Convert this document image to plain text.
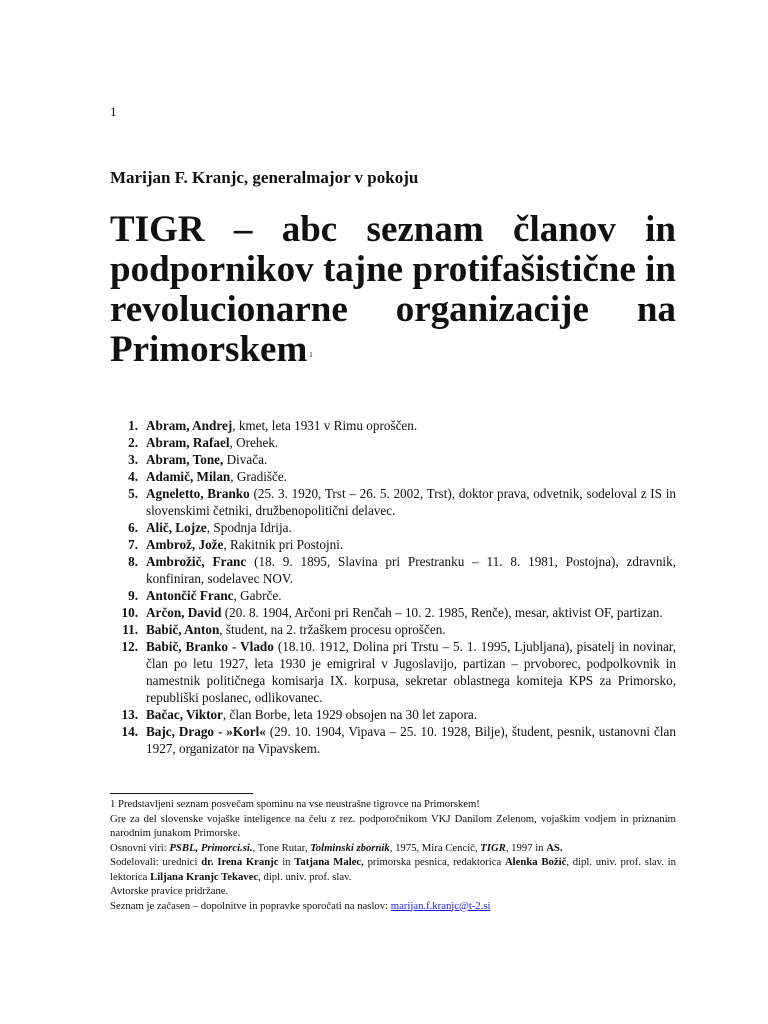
1
Marijan F. Kranjc, generalmajor v pokoju
TIGR – abc seznam članov in podpornikov tajne protifašistične in revolucionarne organizacije na Primorskem $^1$
1. Abram, Andrej, kmet, leta 1931 v Rimu oproščen.
2. Abram, Rafael, Orehek.
3. Abram, Tone, Divača.
4. Adamič, Milan, Gradišče.
5. Agneletto, Branko (25. 3. 1920, Trst – 26. 5. 2002, Trst), doktor prava, odvetnik, sodeloval z IS in slovenskimi četniki, družbenopolitični delavec.
6. Alič, Lojze, Spodnja Idrija.
7. Ambrož, Jože, Rakitnik pri Postojni.
8. Ambrožič, Franc (18. 9. 1895, Slavina pri Prestranku – 11. 8. 1981, Postojna), zdravnik, konfiniran, sodelavec NOV.
9. Antončič Franc, Gabrče.
10. Arčon, David (20. 8. 1904, Arčoni pri Renčah – 10. 2. 1985, Renče), mesar, aktivist OF, partizan.
11. Babič, Anton, študent, na 2. tržaškem procesu oproščen.
12. Babič, Branko - Vlado (18.10. 1912, Dolina pri Trstu – 5. 1. 1995, Ljubljana), pisatelj in novinar, član po letu 1927, leta 1930 je emigriral v Jugoslavijo, partizan – prvoborec, podpolkovnik in namestnik političnega komisarja IX. korpusa, sekretar oblastnega komiteja KPS za Primorsko, republiški poslanec, odlikovanec.
13. Bačac, Viktor, član Borbe, leta 1929 obsojen na 30 let zapora.
14. Bajc, Drago - »Korl« (29. 10. 1904, Vipava – 25. 10. 1928, Bilje), študent, pesnik, ustanovni član 1927, organizator na Vipavskem.

1 Predstavljeni seznam posvečam spominu na vse neustrašne tigrovce na Primorskem!

Gre za del slovenske vojaške inteligence na čelu z rez. podporočnikom VKJ Danilom Zelenom, vojaškim vodjem in priznanim narodnim junakom Primorske.

Osnovni viri: PSBL, Primorci.si., Tone Rutar, Tolminski zbornik, 1975, Mira Cencič, TIGR, 1997 in AS.

Sodelovali: urednici dr. Irena Kranjc in Tatjana Malec, primorska pesnica, redaktorica Alenka Božič, dipl. univ. prof. slav. in lektorica Liljana Kranjc Tekavec, dipl. univ. prof. slav.

Avtorske pravice pridržane.

Seznam je začasen – dopolnitve in popravke sporočati na naslov: marijan.f.kranjc@t-2.si
